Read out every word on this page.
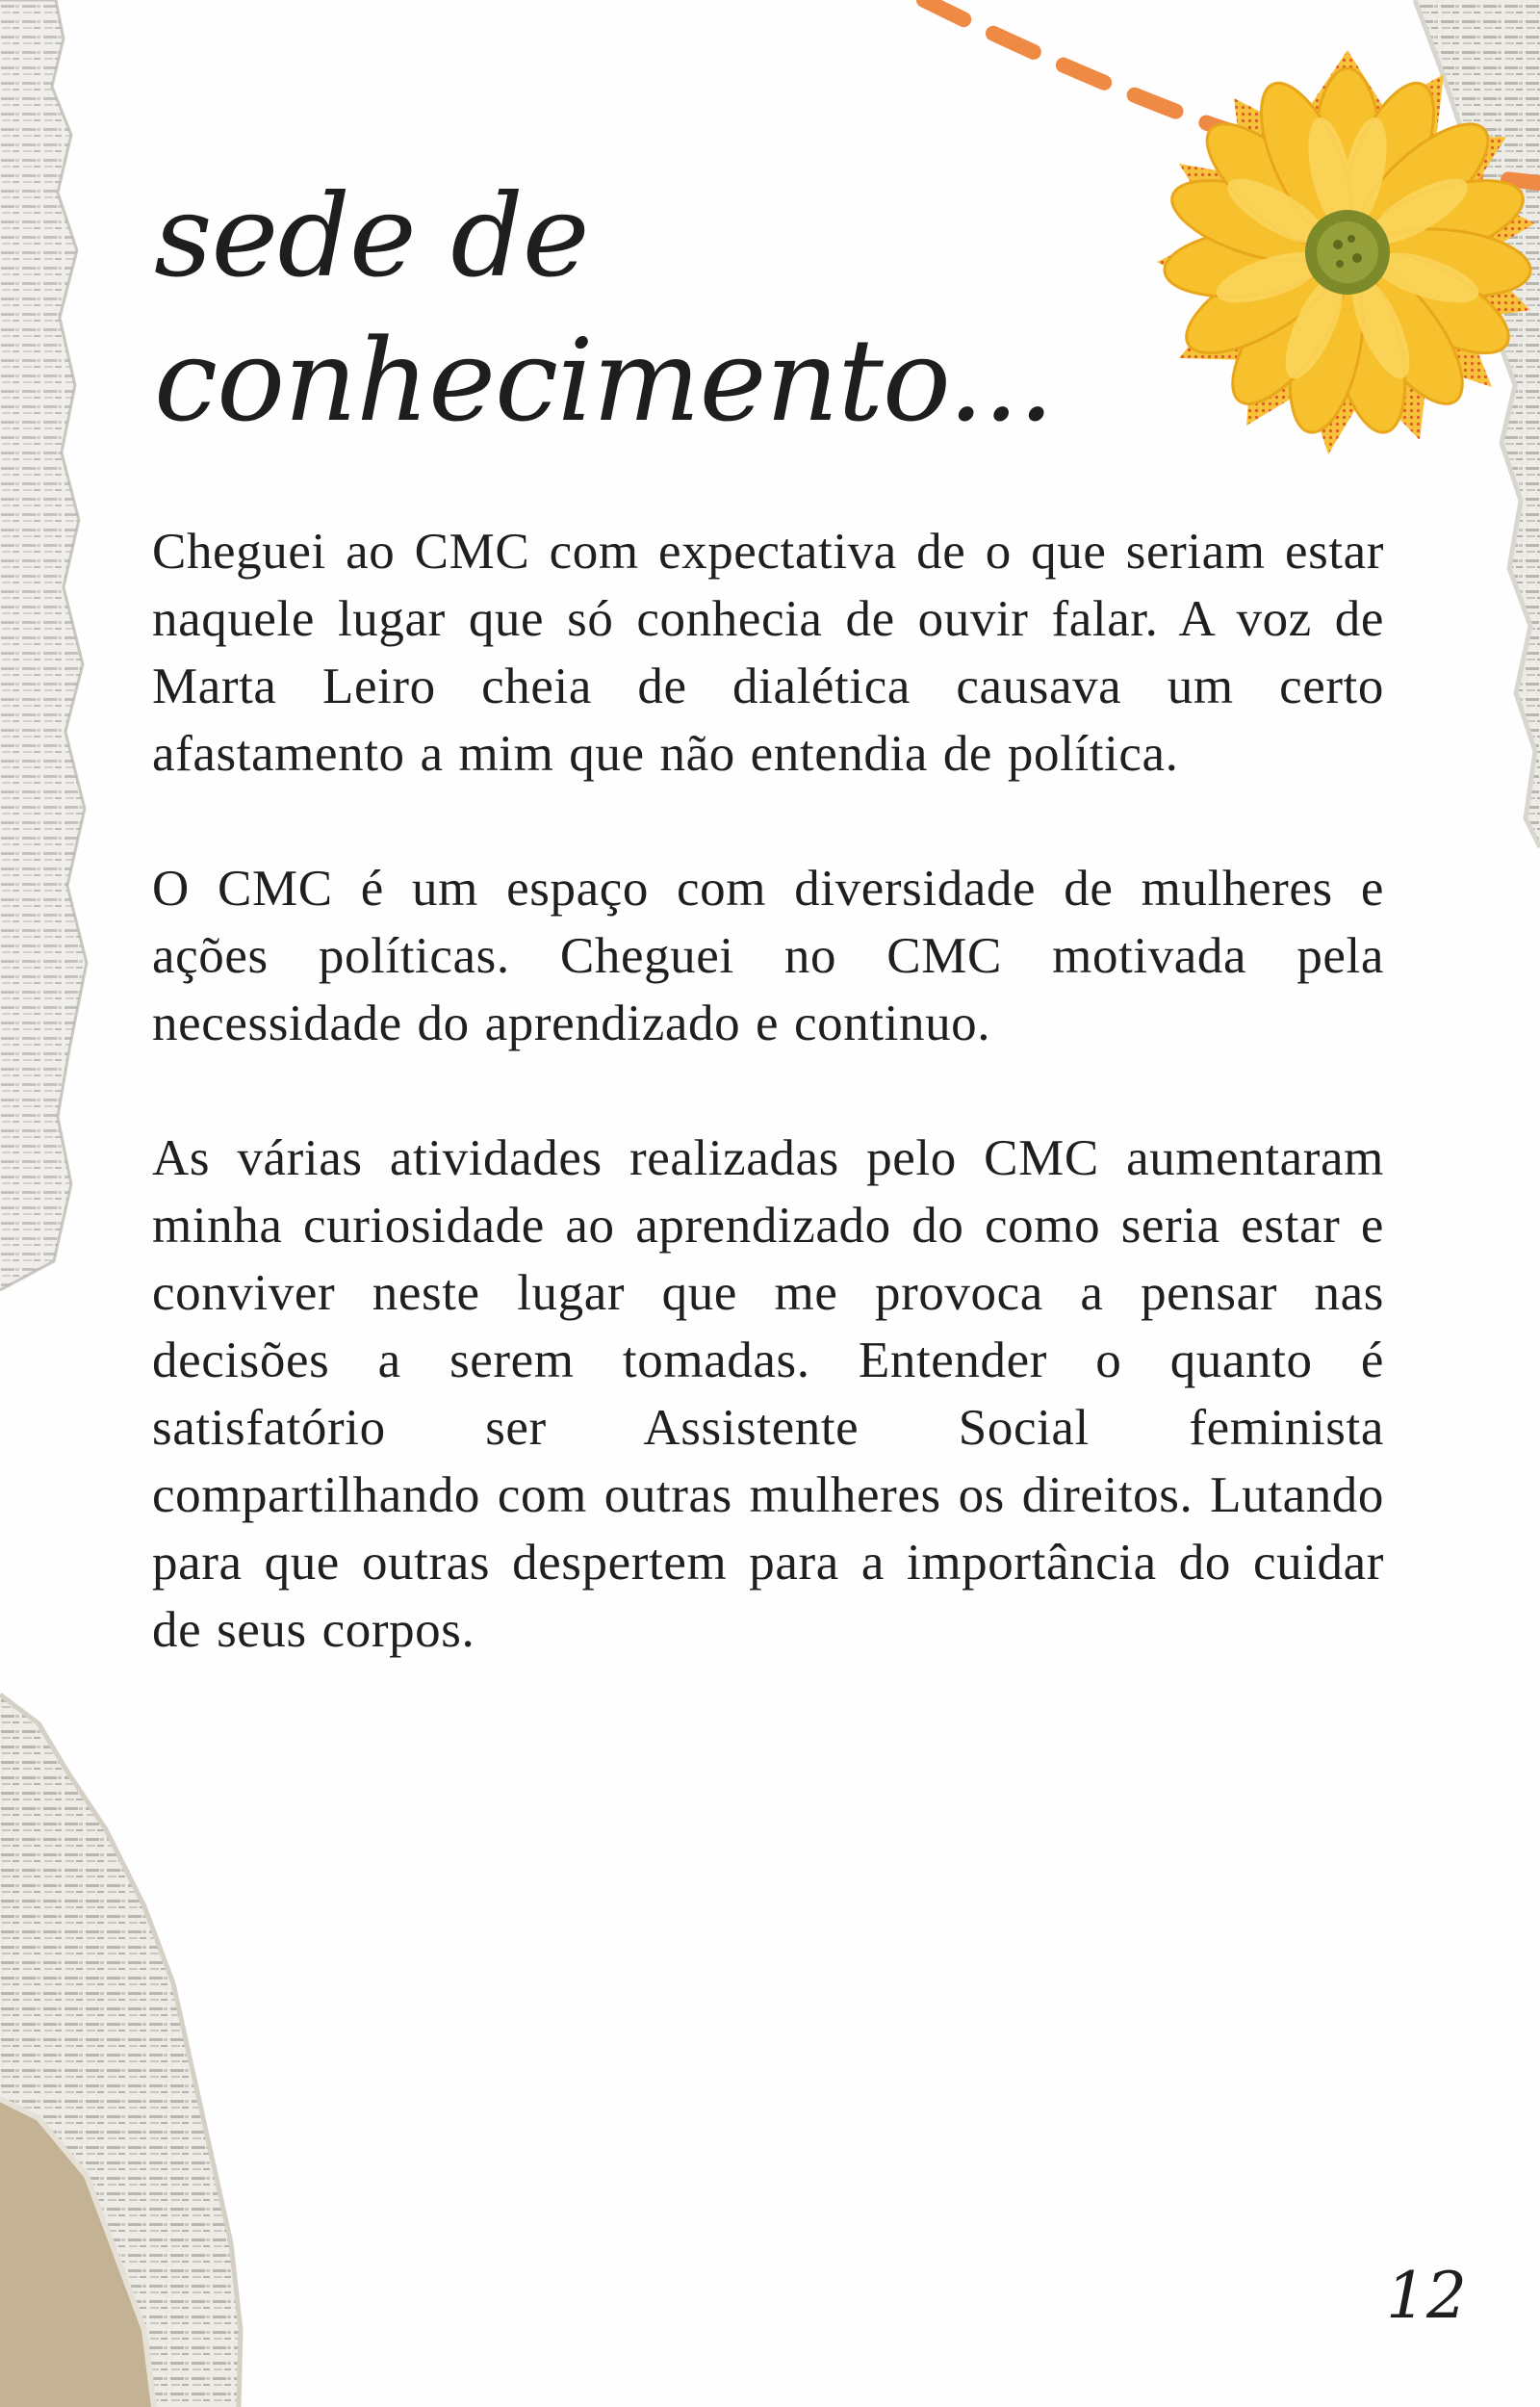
sede de
conhecimento...

Cheguei ao CMC com expectativa de o que seriam estar naquele lugar que só conhecia de ouvir falar. A voz de Marta Leiro cheia de dialética causava um certo afastamento a mim que não entendia de política.

O CMC é um espaço com diversidade de mulheres e ações políticas. Cheguei no CMC motivada pela necessidade do aprendizado e continuo.

As várias atividades realizadas pelo CMC aumentaram minha curiosidade ao aprendizado do como seria estar e conviver neste lugar que me provoca a pensar nas decisões a serem tomadas. Entender o quanto é satisfatório ser Assistente Social feminista compartilhando com outras mulheres os direitos. Lutando para que outras despertem para a importância do cuidar de seus corpos.

12
